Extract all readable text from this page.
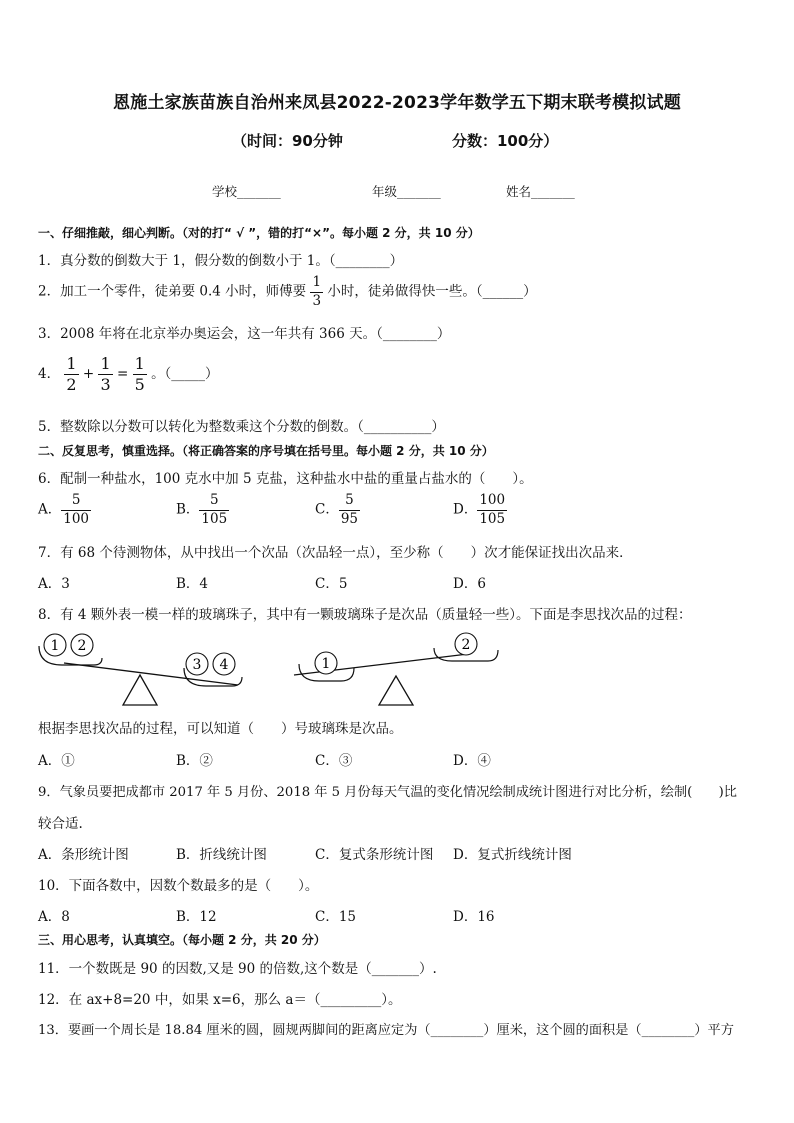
恩施土家族苗族自治州来凤县2022-2023学年数学五下期末联考模拟试题
（时间：90分钟	分数：100分）
学校_______	年级_______	姓名_______
一、仔细推敲，细心判断。（对的打“ √ ”，错的打“×”。每小题 2 分，共 10 分）
1．真分数的倒数大于 1，假分数的倒数小于 1。（________）
2．加工一个零件，徒弟要 0.4 小时，师傅要 $\frac{1}{3}$ 小时，徒弟做得快一些。（______）
3．2008 年将在北京举办奥运会，这一年共有 366 天。（________）
4． $\frac{1}{2} + \frac{1}{3} = \frac{1}{5}$ 。（_____）
5．整数除以分数可以转化为整数乘这个分数的倒数。（__________）
二、反复思考，慎重选择。（将正确答案的序号填在括号里。每小题 2 分，共 10 分）
6．配制一种盐水，100 克水中加 5 克盐，这种盐水中盐的重量占盐水的（　　）。
A． $\frac{5}{100}$	B． $\frac{5}{105}$	C． $\frac{5}{95}$	D． $\frac{100}{105}$
7．有 68 个待测物体，从中找出一个次品（次品轻一点），至少称（　　）次才能保证找出次品来．
A．3	B．4	C．5	D．6
8．有 4 颗外表一模一样的玻璃珠子，其中有一颗玻璃珠子是次品（质量轻一些）。下面是李思找次品的过程：
1 2
3 4	1
2
根据李思找次品的过程，可以知道（　　）号玻璃珠是次品。
A．①	B．②	C．③	D．④
9．气象员要把成都市 2017 年 5 月份、2018 年 5 月份每天气温的变化情况绘制成统计图进行对比分析，绘制(　　)比
较合适.
A．条形统计图	B．折线统计图	C．复式条形统计图 D．复式折线统计图
10．下面各数中，因数个数最多的是（　　）。
A．8	B．12	C．15	D．16
三、用心思考，认真填空。（每小题 2 分，共 20 分）
11．一个数既是 90 的因数,又是 90 的倍数,这个数是（_______）.
12．在 ax+8=20 中，如果 x=6，那么 a＝（_________）。
13．要画一个周长是 18.84 厘米的圆，圆规两脚间的距离应定为（________）厘米，这个圆的面积是（________）平方
